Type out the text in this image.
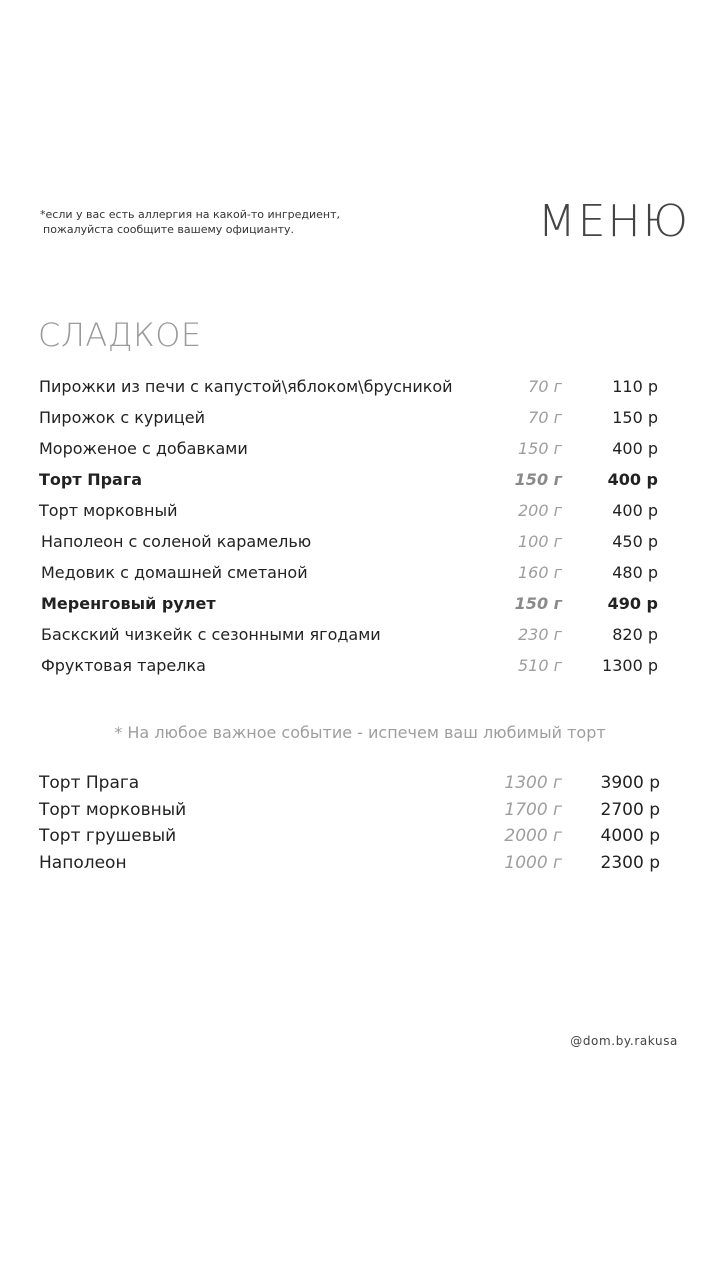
*если у вас есть аллергия на какой-то ингредиент,
пожалуйста сообщите вашему официанту.	МЕНЮ
СЛАДКОЕ
Пирожки из печи с капустой\яблоком\брусникой	70 г	110 р
Пирожок с курицей	70 г	150 р
Мороженое с добавками	150 г	400 р
Торт Прага	150 г	400 р
Торт морковный	200 г	400 р
Наполеон с соленой карамелью	100 г	450 р
Медовик с домашней сметаной	160 г	480 р
Меренговый рулет	150 г	490 р
Баскский чизкейк с сезонными ягодами	230 г	820 р
Фруктовая тарелка	510 г	1300 р
* На любое важное событие - испечем ваш любимый торт
Торт Прага	1300 г 3900 р
Торт морковный	1700 г 2700 р
Торт грушевый	2000 г 4000 р
Наполеон	1000 г 2300 р
@dom.by.rakusa
